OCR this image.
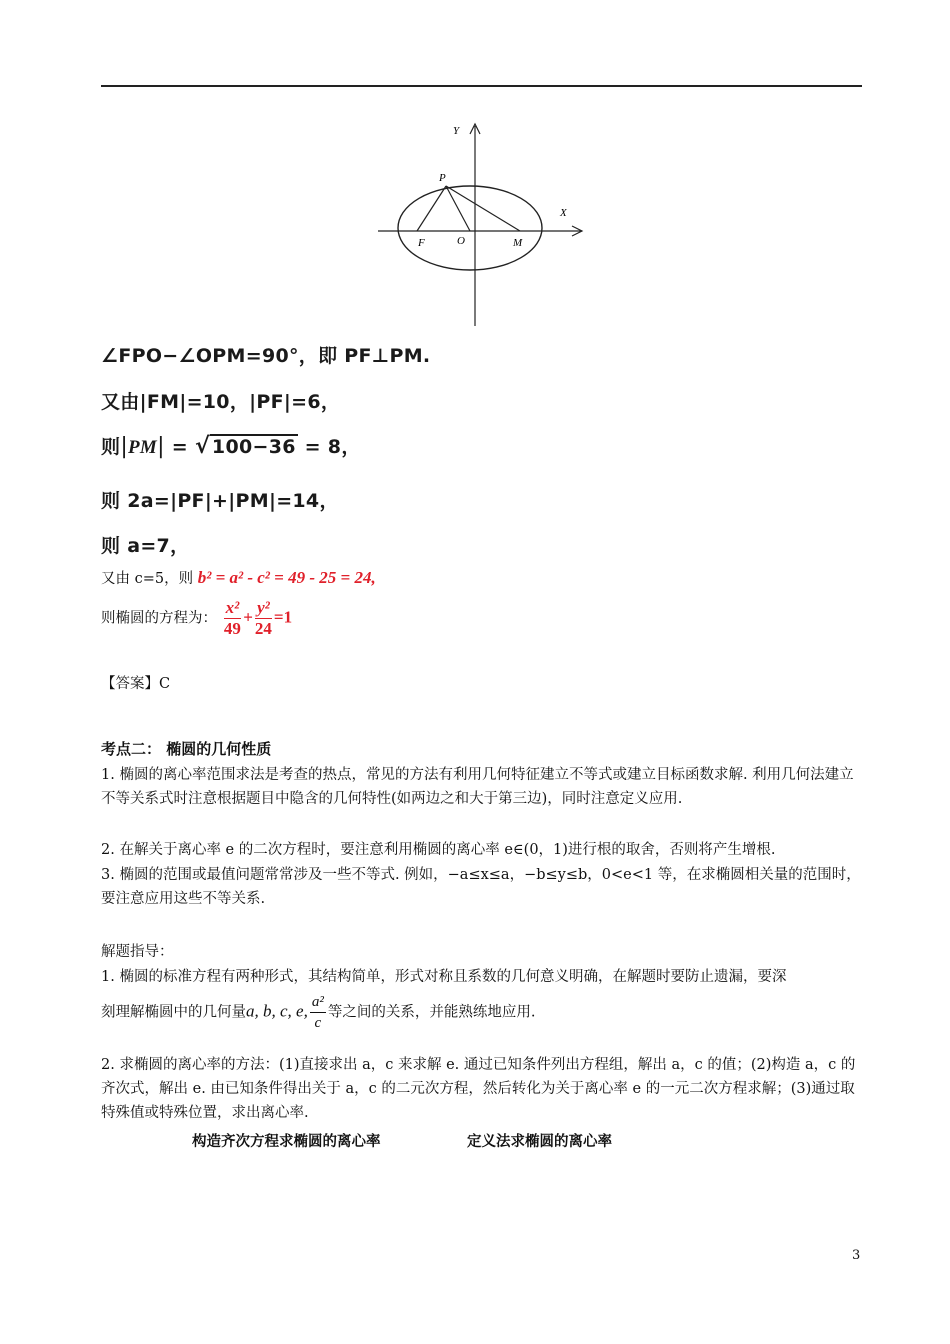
Y
X
P
F	O	M
∠FPO−∠OPM=90°，即 PF⊥PM.
又由|FM|=10，|PF|=6，
则|PM| = √ 100−36 = 8，
则 2a=|PF|+|PM|=14，
则 a=7，
又由 c=5，则 b² = a² - c² = 49 - 25 = 24,
则椭圆的方程为： $\frac{\text{x²}}{49} + \frac{\text{y²}}{24} =1$
【答案】C
考点二： 椭圆的几何性质
1. 椭圆的离心率范围求法是考查的热点，常见的方法有利用几何特征建立不等式或建立目标函数求解. 利用几何法建立不等关系式时注意根据题目中隐含的几何特性(如两边之和大于第三边)，同时注意定义应用.
2. 在解关于离心率 e 的二次方程时，要注意利用椭圆的离心率 e∈(0，1)进行根的取舍，否则将产生增根.
3. 椭圆的范围或最值问题常常涉及一些不等式. 例如，−a≤x≤a，−b≤y≤b，0<e<1 等，在求椭圆相关量的范围时，要注意应用这些不等关系.
解题指导：
1. 椭圆的标准方程有两种形式，其结构简单，形式对称且系数的几何意义明确，在解题时要防止遗漏，要深
刻理解椭圆中的几何量a, b, c, e, $\frac{\text{a²}}{c}$ 等之间的关系，并能熟练地应用.
2. 求椭圆的离心率的方法：(1)直接求出 a，c 来求解 e. 通过已知条件列出方程组，解出 a，c 的值；(2)构造 a，c 的齐次式，解出 e. 由已知条件得出关于 a，c 的二元次方程，然后转化为关于离心率 e 的一元二次方程求解；(3)通过取特殊值或特殊位置，求出离心率.
构造齐次方程求椭圆的离心率	定义法求椭圆的离心率
3
